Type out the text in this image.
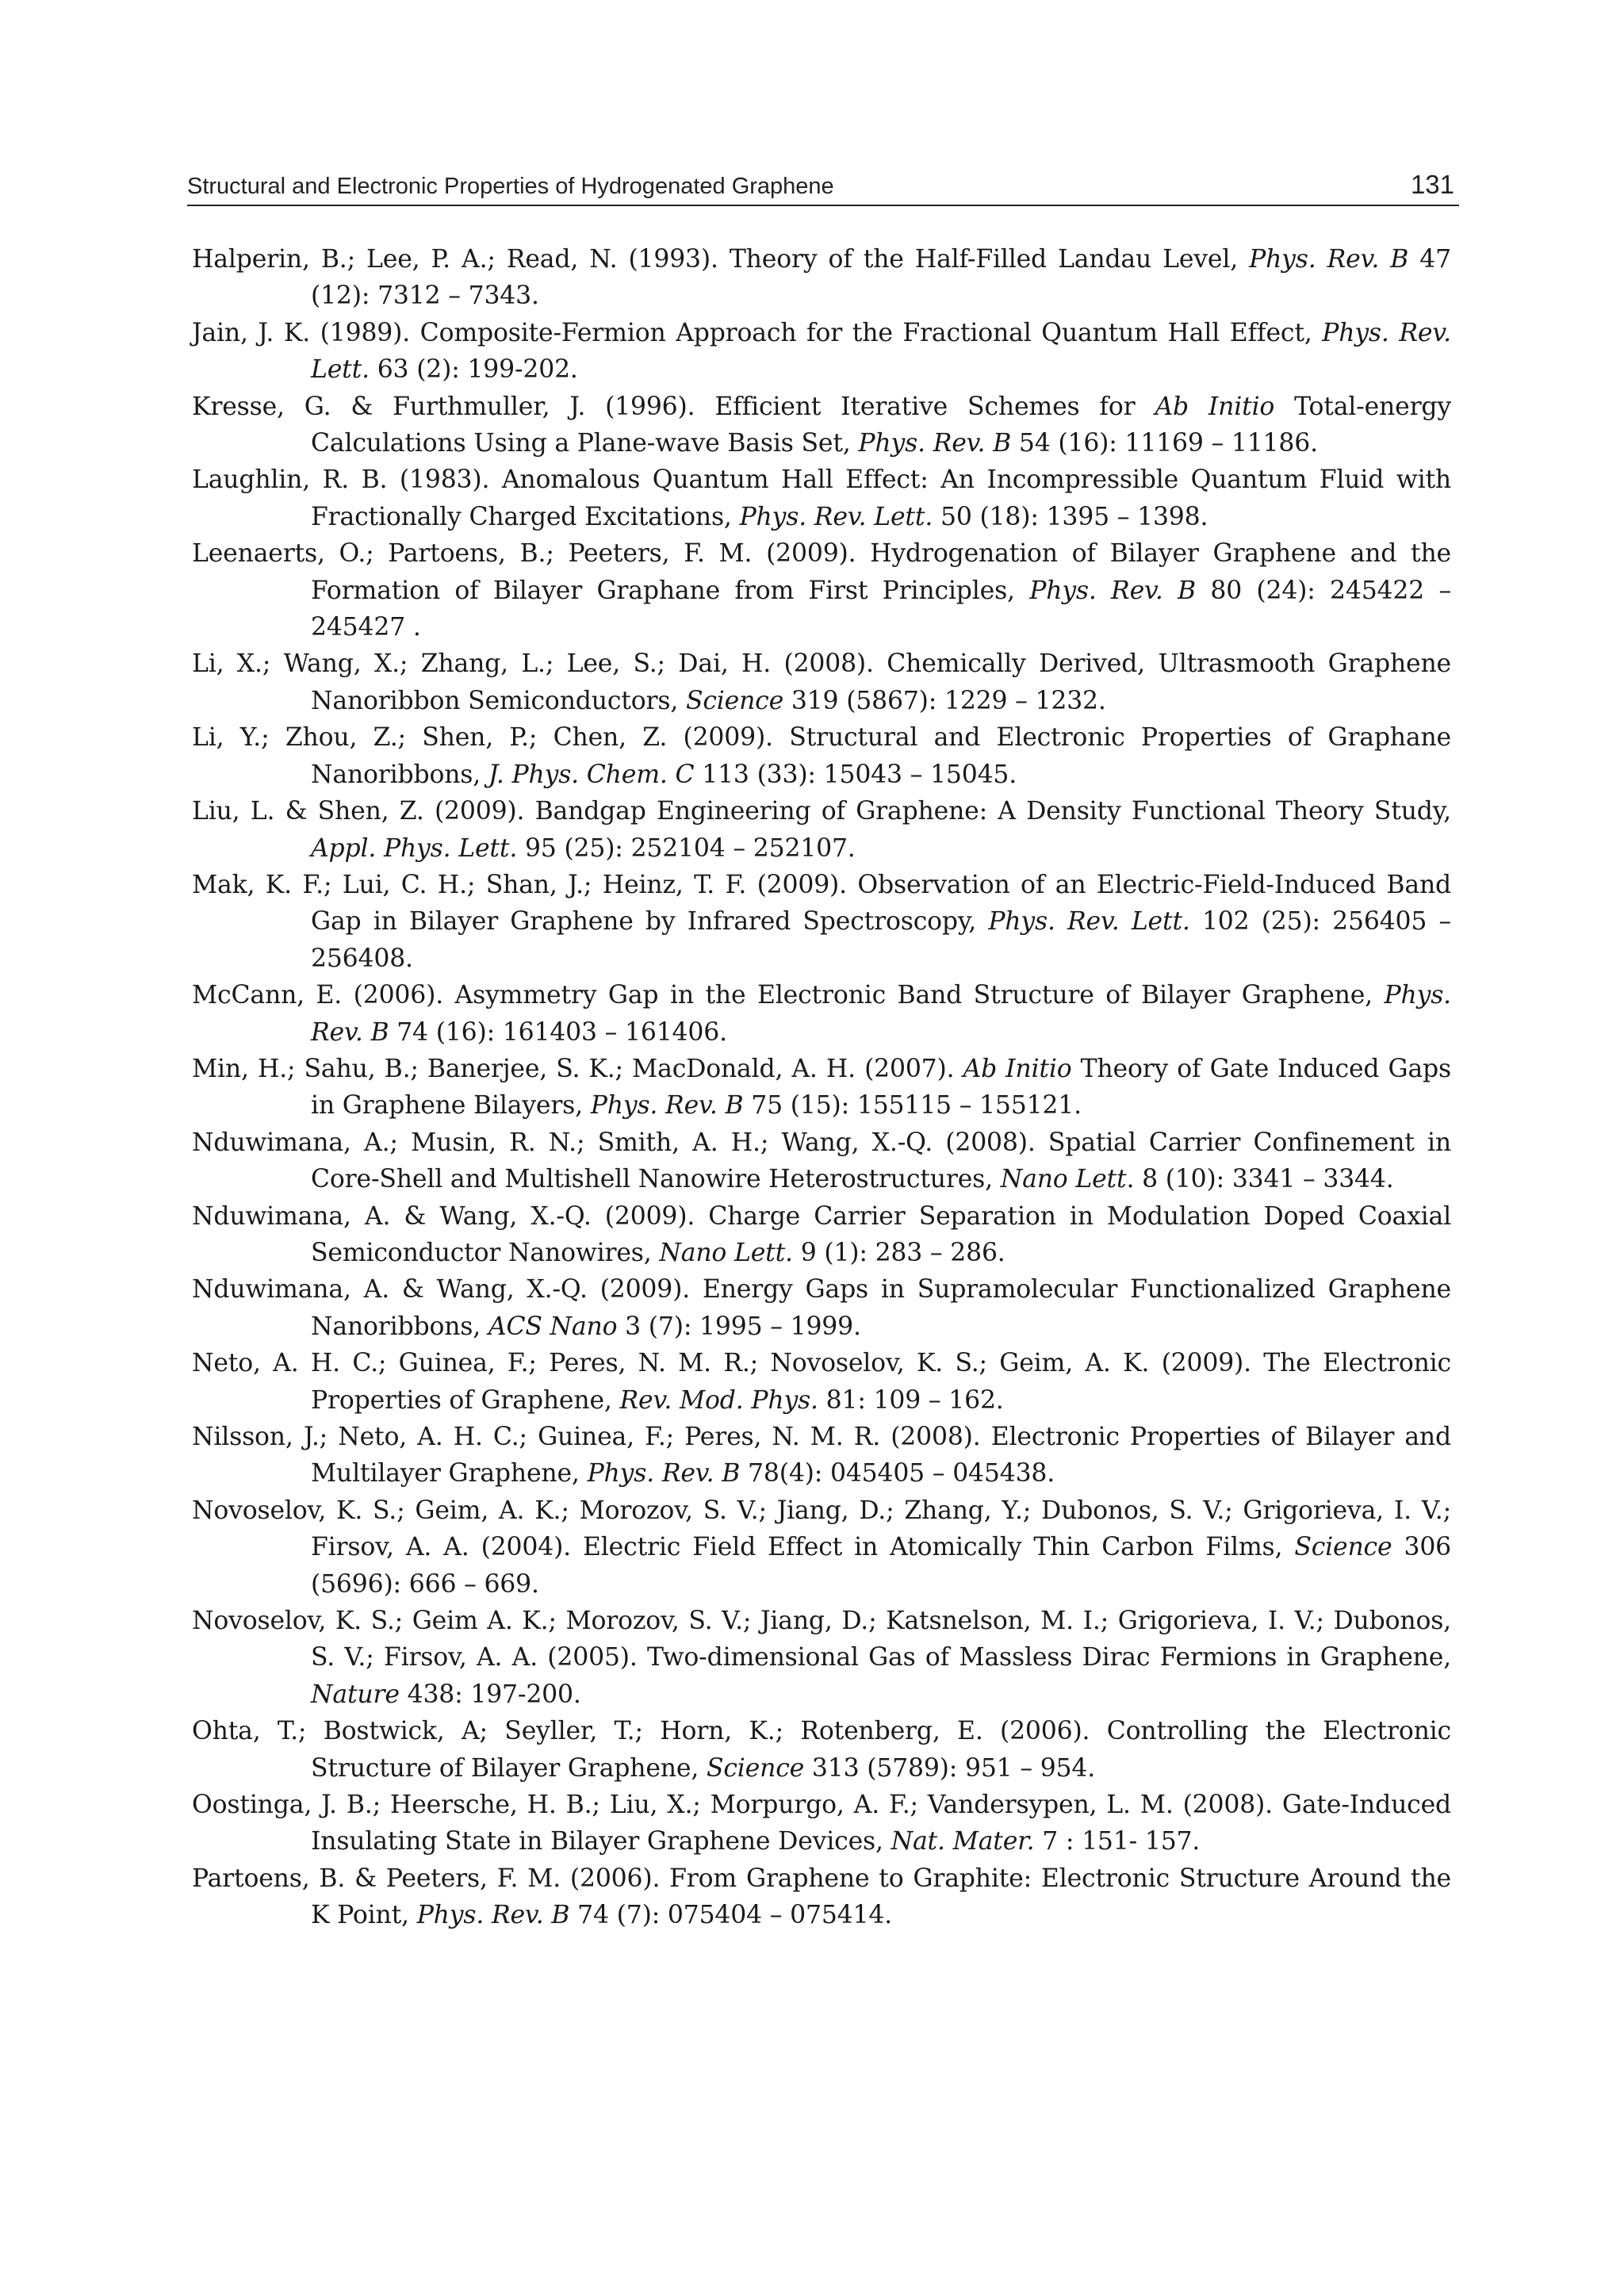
Structural and Electronic Properties of Hydrogenated Graphene	131
Halperin, B.; Lee, P. A.; Read, N. (1993). Theory of the Half-Filled Landau Level, Phys. Rev. B 47 (12): 7312 – 7343.
Jain, J. K. (1989). Composite-Fermion Approach for the Fractional Quantum Hall Effect, Phys. Rev. Lett. 63 (2): 199-202.
Kresse, G. & Furthmuller, J. (1996). Efficient Iterative Schemes for Ab Initio Total-energy Calculations Using a Plane-wave Basis Set, Phys. Rev. B 54 (16): 11169 – 11186.
Laughlin, R. B. (1983). Anomalous Quantum Hall Effect: An Incompressible Quantum Fluid with Fractionally Charged Excitations, Phys. Rev. Lett. 50 (18): 1395 – 1398.
Leenaerts, O.; Partoens, B.; Peeters, F. M. (2009). Hydrogenation of Bilayer Graphene and the Formation of Bilayer Graphane from First Principles, Phys. Rev. B 80 (24): 245422 – 245427 .
Li, X.; Wang, X.; Zhang, L.; Lee, S.; Dai, H. (2008). Chemically Derived, Ultrasmooth Graphene Nanoribbon Semiconductors, Science 319 (5867): 1229 – 1232.
Li, Y.; Zhou, Z.; Shen, P.; Chen, Z. (2009). Structural and Electronic Properties of Graphane Nanoribbons, J. Phys. Chem. C 113 (33): 15043 – 15045.
Liu, L. & Shen, Z. (2009). Bandgap Engineering of Graphene: A Density Functional Theory Study, Appl. Phys. Lett. 95 (25): 252104 – 252107.
Mak, K. F.; Lui, C. H.; Shan, J.; Heinz, T. F. (2009). Observation of an Electric-Field-Induced Band Gap in Bilayer Graphene by Infrared Spectroscopy, Phys. Rev. Lett. 102 (25): 256405 – 256408.
McCann, E. (2006). Asymmetry Gap in the Electronic Band Structure of Bilayer Graphene, Phys. Rev. B 74 (16): 161403 – 161406.
Min, H.; Sahu, B.; Banerjee, S. K.; MacDonald, A. H. (2007). Ab Initio Theory of Gate Induced Gaps in Graphene Bilayers, Phys. Rev. B 75 (15): 155115 – 155121.
Nduwimana, A.; Musin, R. N.; Smith, A. H.; Wang, X.-Q. (2008). Spatial Carrier Confinement in Core-Shell and Multishell Nanowire Heterostructures, Nano Lett. 8 (10): 3341 – 3344.
Nduwimana, A. & Wang, X.-Q. (2009). Charge Carrier Separation in Modulation Doped Coaxial Semiconductor Nanowires, Nano Lett. 9 (1): 283 – 286.
Nduwimana, A. & Wang, X.-Q. (2009). Energy Gaps in Supramolecular Functionalized Graphene Nanoribbons, ACS Nano 3 (7): 1995 – 1999.
Neto, A. H. C.; Guinea, F.; Peres, N. M. R.; Novoselov, K. S.; Geim, A. K. (2009). The Electronic Properties of Graphene, Rev. Mod. Phys. 81: 109 – 162.
Nilsson, J.; Neto, A. H. C.; Guinea, F.; Peres, N. M. R. (2008). Electronic Properties of Bilayer and Multilayer Graphene, Phys. Rev. B 78(4): 045405 – 045438.
Novoselov, K. S.; Geim, A. K.; Morozov, S. V.; Jiang, D.; Zhang, Y.; Dubonos, S. V.; Grigorieva, I. V.; Firsov, A. A. (2004). Electric Field Effect in Atomically Thin Carbon Films, Science 306 (5696): 666 – 669.
Novoselov, K. S.; Geim A. K.; Morozov, S. V.; Jiang, D.; Katsnelson, M. I.; Grigorieva, I. V.; Dubonos, S. V.; Firsov, A. A. (2005). Two-dimensional Gas of Massless Dirac Fermions in Graphene, Nature 438: 197-200.
Ohta, T.; Bostwick, A; Seyller, T.; Horn, K.; Rotenberg, E. (2006). Controlling the Electronic Structure of Bilayer Graphene, Science 313 (5789): 951 – 954.
Oostinga, J. B.; Heersche, H. B.; Liu, X.; Morpurgo, A. F.; Vandersypen, L. M. (2008). Gate-Induced Insulating State in Bilayer Graphene Devices, Nat. Mater. 7 : 151- 157.
Partoens, B. & Peeters, F. M. (2006). From Graphene to Graphite: Electronic Structure Around the K Point, Phys. Rev. B 74 (7): 075404 – 075414.
